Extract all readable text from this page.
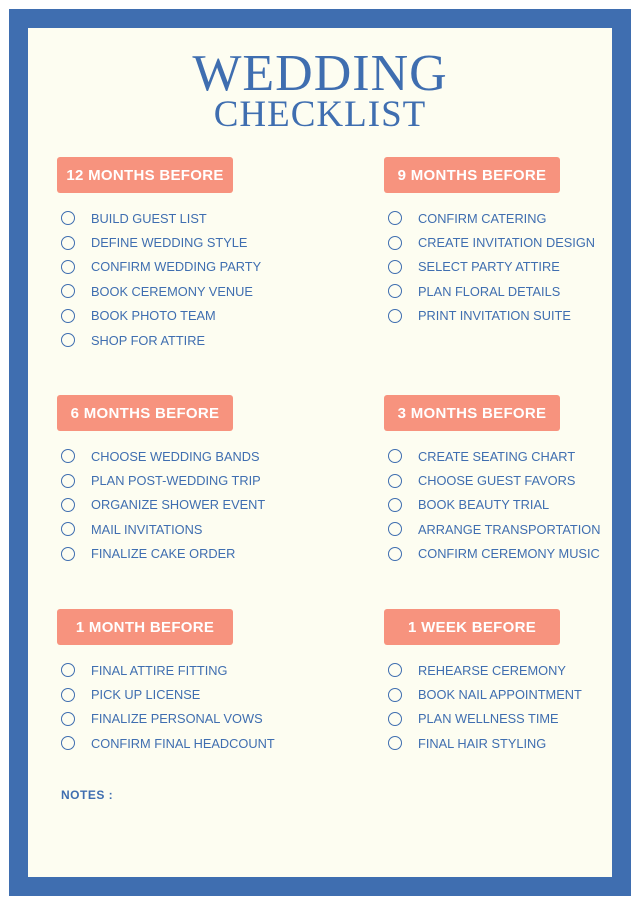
WEDDING
CHECKLIST
12 MONTHS BEFORE
BUILD GUEST LIST
DEFINE WEDDING STYLE
CONFIRM WEDDING PARTY
BOOK CEREMONY VENUE
BOOK PHOTO TEAM
SHOP FOR ATTIRE
9 MONTHS BEFORE
CONFIRM CATERING
CREATE INVITATION DESIGN
SELECT PARTY ATTIRE
PLAN FLORAL DETAILS
PRINT INVITATION SUITE
6 MONTHS BEFORE
CHOOSE WEDDING BANDS
PLAN POST-WEDDING TRIP
ORGANIZE SHOWER EVENT
MAIL INVITATIONS
FINALIZE CAKE ORDER
3 MONTHS BEFORE
CREATE SEATING CHART
CHOOSE GUEST FAVORS
BOOK BEAUTY TRIAL
ARRANGE TRANSPORTATION
CONFIRM CEREMONY MUSIC
1 MONTH BEFORE
FINAL ATTIRE FITTING
PICK UP LICENSE
FINALIZE PERSONAL VOWS
CONFIRM FINAL HEADCOUNT
1 WEEK BEFORE
REHEARSE CEREMONY
BOOK NAIL APPOINTMENT
PLAN WELLNESS TIME
FINAL HAIR STYLING
NOTES :
